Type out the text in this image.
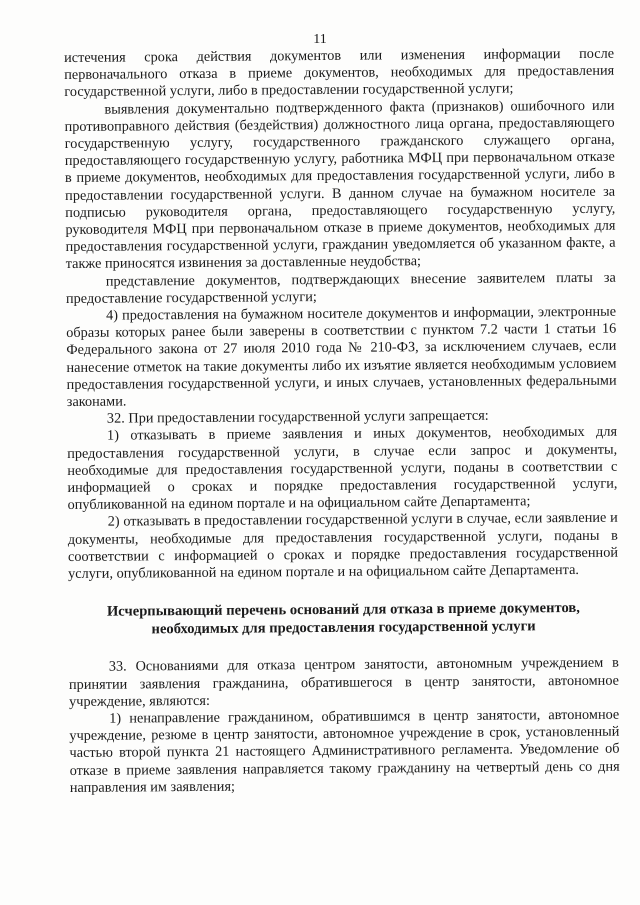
11

истечения срока действия документов или изменения информации после первоначального отказа в приеме документов, необходимых для предоставления государственной услуги, либо в предоставлении государственной услуги;

выявления документально подтвержденного факта (признаков) ошибочного или противоправного действия (бездействия) должностного лица органа, предоставляющего государственную услугу, государственного гражданского служащего органа, предоставляющего государственную услугу, работника МФЦ при первоначальном отказе в приеме документов, необходимых для предоставления государственной услуги, либо в предоставлении государственной услуги. В данном случае на бумажном носителе за подписью руководителя органа, предоставляющего государственную услугу, руководителя МФЦ при первоначальном отказе в приеме документов, необходимых для предоставления государственной услуги, гражданин уведомляется об указанном факте, а также приносятся извинения за доставленные неудобства;

представление документов, подтверждающих внесение заявителем платы за предоставление государственной услуги;

4) предоставления на бумажном носителе документов и информации, электронные образы которых ранее были заверены в соответствии с пунктом 7.2 части 1 статьи 16 Федерального закона от 27 июля 2010 года № 210-ФЗ, за исключением случаев, если нанесение отметок на такие документы либо их изъятие является необходимым условием предоставления государственной услуги, и иных случаев, установленных федеральными законами.

32. При предоставлении государственной услуги запрещается:

1) отказывать в приеме заявления и иных документов, необходимых для предоставления государственной услуги, в случае если запрос и документы, необходимые для предоставления государственной услуги, поданы в соответствии с информацией о сроках и порядке предоставления государственной услуги, опубликованной на едином портале и на официальном сайте Департамента;

2) отказывать в предоставлении государственной услуги в случае, если заявление и документы, необходимые для предоставления государственной услуги, поданы в соответствии с информацией о сроках и порядке предоставления государственной услуги, опубликованной на едином портале и на официальном сайте Департамента.

Исчерпывающий перечень оснований для отказа в приеме документов,
необходимых для предоставления государственной услуги

33. Основаниями для отказа центром занятости, автономным учреждением в принятии заявления гражданина, обратившегося в центр занятости, автономное учреждение, являются:

1) ненаправление гражданином, обратившимся в центр занятости, автономное учреждение, резюме в центр занятости, автономное учреждение в срок, установленный частью второй пункта 21 настоящего Административного регламента. Уведомление об отказе в приеме заявления направляется такому гражданину на четвертый день со дня направления им заявления;
